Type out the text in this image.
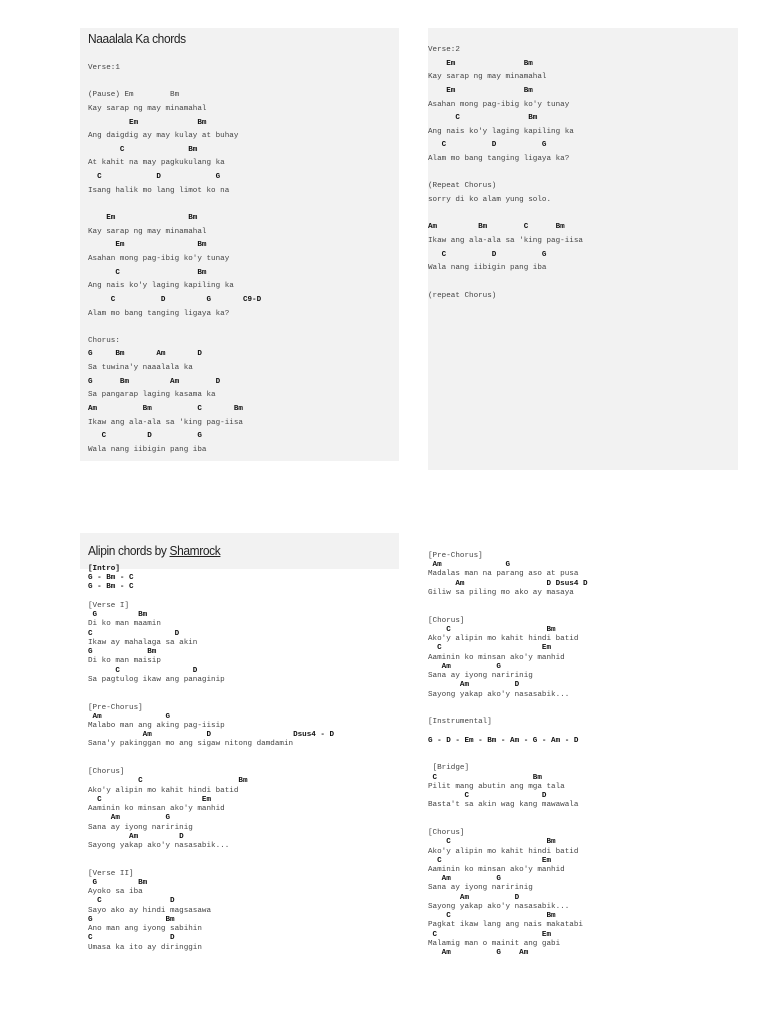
Naaalala Ka chords
Verse:1
(Pause) Em        Bm
Kay sarap ng may minamahal
Em             Bm
Ang daigdig ay may kulay at buhay
C              Bm
At kahit na may pagkukulang ka
C            D            G
Isang halik mo lang limot ko na
Em                Bm
Kay sarap ng may minamahal
Em                Bm
Asahan mong pag-ibig ko'y tunay
C                 Bm
Ang nais ko'y laging kapiling ka
C          D         G       C9-D
Alam mo bang tanging ligaya ka?
Chorus:
G     Bm       Am       D
Sa tuwina'y naaalala ka
G      Bm         Am        D
Sa pangarap laging kasama ka
Am          Bm          C       Bm
Ikaw ang ala-ala sa 'king pag-iisa
C         D          G
Wala nang iibigin pang iba
Verse:2
Em               Bm
Kay sarap ng may minamahal
Em               Bm
Asahan mong pag-ibig ko'y tunay
C               Bm
Ang nais ko'y laging kapiling ka
C          D          G
Alam mo bang tanging ligaya ka?
(Repeat Chorus)
sorry di ko alam yung solo.
Am         Bm        C      Bm
Ikaw ang ala-ala sa 'king pag-iisa
C          D          G
Wala nang iibigin pang iba
(repeat Chorus)
Alipin chords by Shamrock
[Intro]
G - Bm - C
G - Bm - C
[Verse I]
G         Bm
Di ko man maamin
C                  D
Ikaw ay mahalaga sa akin
G            Bm
Di ko man maisip
C                D
Sa pagtulog ikaw ang panaginip
[Pre-Chorus]
Am              G
Malabo man ang aking pag-iisip
Am            D                  Dsus4 - D
Sana'y pakinggan mo ang sigaw nitong damdamin
[Chorus]
C                     Bm
Ako'y alipin mo kahit hindi batid
C                      Em
Aaminin ko minsan ako'y manhid
Am          G
Sana ay iyong naririnig
Am         D
Sayong yakap ako'y nasasabik...
[Verse II]
G         Bm
Ayoko sa iba
C               D
Sayo ako ay hindi magsasawa
G                Bm
Ano man ang iyong sabihin
C                 D
Umasa ka ito ay diringgin
[Pre-Chorus]
Am              G
Madalas man na parang aso at pusa
Am                  D Dsus4 D
Giliw sa piling mo ako ay masaya
[Chorus]
C                     Bm
Ako'y alipin mo kahit hindi batid
C                      Em
Aaminin ko minsan ako'y manhid
Am          G
Sana ay iyong naririnig
Am          D
Sayong yakap ako'y nasasabik...
[Instrumental]
G - D - Em - Bm - Am - G - Am - D
[Bridge]
C                     Bm
Pilit mang abutin ang mga tala
C                D
Basta't sa akin wag kang mawawala
[Chorus]
C                     Bm
Ako'y alipin mo kahit hindi batid
C                      Em
Aaminin ko minsan ako'y manhid
Am          G
Sana ay iyong naririnig
Am          D
Sayong yakap ako'y nasasabik...
C                     Bm
Pagkat ikaw lang ang nais makatabi
C                       Em
Malamig man o mainit ang gabi
Am          G    Am
